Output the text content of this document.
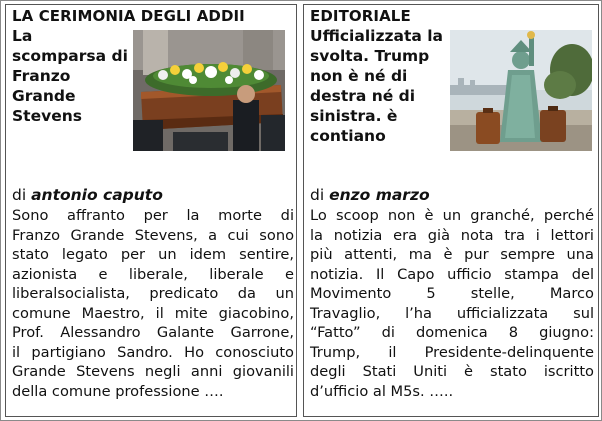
LA CERIMONIA DEGLI ADDII
La scomparsa di Franzo Grande Stevens
di antonio caputo
Sono affranto per la morte di
Franzo Grande Stevens, a cui sono
stato legato per un idem sentire,
azionista e liberale, liberale e
liberalsocialista, predicato da un
comune Maestro, il mite giacobino,
Prof. Alessandro Galante Garrone,
il partigiano Sandro. Ho conosciuto
Grande Stevens negli anni giovanili
della comune professione ….
EDITORIALE
Ufficializzata la svolta. Trump non è né di destra né di sinistra. è contiano
di enzo marzo
Lo scoop non è un granché, perché
la notizia era già nota tra i lettori
più attenti, ma è pur sempre una
notizia. Il Capo ufficio stampa del
Movimento 5 stelle, Marco
Travaglio, l’ha ufficializzata sul
“Fatto” di domenica 8 giugno:
Trump, il Presidente-delinquente
degli Stati Uniti è stato iscritto
d’ufficio al M5s. …..
